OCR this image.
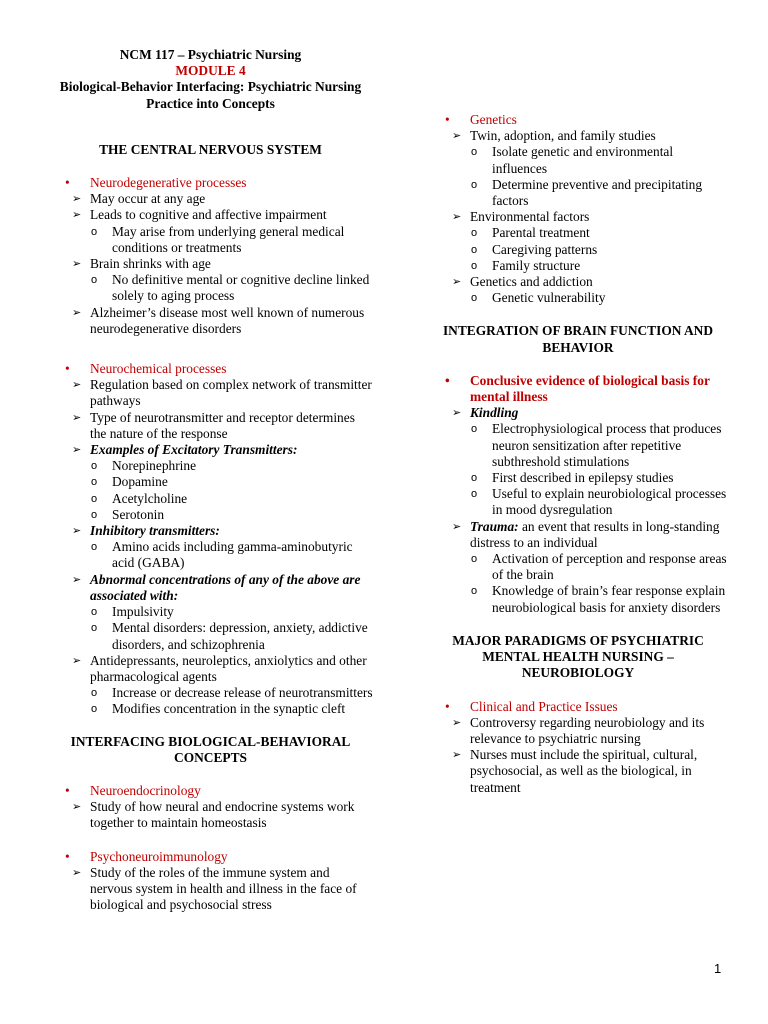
NCM 117 – Psychiatric Nursing
MODULE 4
Biological-Behavior Interfacing: Psychiatric Nursing
Practice into Concepts
THE CENTRAL NERVOUS SYSTEM
• Neurodegenerative processes
➢ May occur at any age
➢ Leads to cognitive and affective impairment
o May arise from underlying general medical conditions or treatments
➢ Brain shrinks with age
o No definitive mental or cognitive decline linked solely to aging process
➢ Alzheimer’s disease most well known of numerous neurodegenerative disorders
• Neurochemical processes
➢ Regulation based on complex network of transmitter pathways
➢ Type of neurotransmitter and receptor determines the nature of the response
➢ Examples of Excitatory Transmitters:
o Norepinephrine
o Dopamine
o Acetylcholine
o Serotonin
➢ Inhibitory transmitters:
o Amino acids including gamma-aminobutyric acid (GABA)
➢ Abnormal concentrations of any of the above are associated with:
o Impulsivity
o Mental disorders: depression, anxiety, addictive disorders, and schizophrenia
➢ Antidepressants, neuroleptics, anxiolytics and other pharmacological agents
o Increase or decrease release of neurotransmitters
o Modifies concentration in the synaptic cleft
INTERFACING BIOLOGICAL-BEHAVIORAL
CONCEPTS
• Neuroendocrinology
➢ Study of how neural and endocrine systems work together to maintain homeostasis
• Psychoneuroimmunology
➢ Study of the roles of the immune system and nervous system in health and illness in the face of biological and psychosocial stress
• Genetics
➢ Twin, adoption, and family studies
o Isolate genetic and environmental influences
o Determine preventive and precipitating factors
➢ Environmental factors
o Parental treatment
o Caregiving patterns
o Family structure
➢ Genetics and addiction
o Genetic vulnerability
INTEGRATION OF BRAIN FUNCTION AND
BEHAVIOR
• Conclusive evidence of biological basis for mental illness
➢ Kindling
o Electrophysiological process that produces neuron sensitization after repetitive subthreshold stimulations
o First described in epilepsy studies
o Useful to explain neurobiological processes in mood dysregulation
➢ Trauma: an event that results in long-standing distress to an individual
o Activation of perception and response areas of the brain
o Knowledge of brain’s fear response explain neurobiological basis for anxiety disorders
MAJOR PARADIGMS OF PSYCHIATRIC
MENTAL HEALTH NURSING –
NEUROBIOLOGY
• Clinical and Practice Issues
➢ Controversy regarding neurobiology and its relevance to psychiatric nursing
➢ Nurses must include the spiritual, cultural, psychosocial, as well as the biological, in treatment
1
